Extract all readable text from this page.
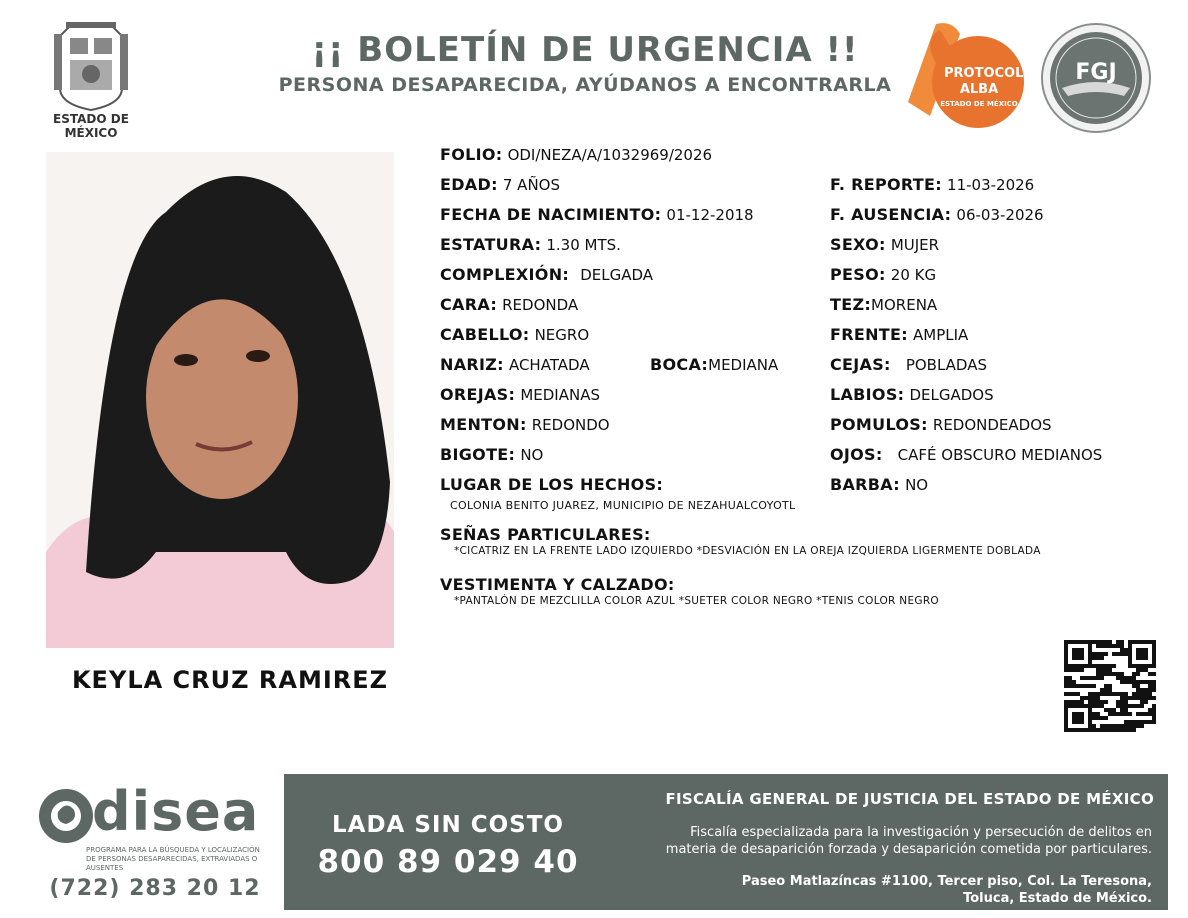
ESTADO DE MÉXICO
¡¡ BOLETÍN DE URGENCIA !!
PERSONA DESAPARECIDA, AYÚDANOS A ENCONTRARLA
PROTOCOLO
ALBA
ESTADO DE MÉXICO
FGJ
KEYLA CRUZ RAMIREZ
FOLIO: ODI/NEZA/A/1032969/2026
EDAD: 7 AÑOS
FECHA DE NACIMIENTO: 01-12-2018
ESTATURA: 1.30 MTS.
COMPLEXIÓN: DELGADA
CARA: REDONDA
CABELLO: NEGRO
NARIZ: ACHATADA	BOCA:MEDIANA
OREJAS: MEDIANAS
MENTON: REDONDO
BIGOTE: NO
LUGAR DE LOS HECHOS:
COLONIA BENITO JUAREZ, MUNICIPIO DE NEZAHUALCOYOTL
SEÑAS PARTICULARES:
*CICATRIZ EN LA FRENTE LADO IZQUIERDO *DESVIACIÓN EN LA OREJA IZQUIERDA LIGERMENTE DOBLADA
VESTIMENTA Y CALZADO:
*PANTALÓN DE MEZCLILLA COLOR AZUL *SUETER COLOR NEGRO *TENIS COLOR NEGRO
F. REPORTE: 11-03-2026
F. AUSENCIA: 06-03-2026
SEXO: MUJER
PESO: 20 KG
TEZ:MORENA
FRENTE: AMPLIA
CEJAS: POBLADAS
LABIOS: DELGADOS
POMULOS: REDONDEADOS
OJOS: CAFÉ OBSCURO MEDIANOS
BARBA: NO
disea
PROGRAMA PARA LA BÚSQUEDA Y LOCALIZACIÓN
DE PERSONAS DESAPARECIDAS, EXTRAVIADAS O
AUSENTES
(722) 283 20 12
LADA SIN COSTO
800 89 029 40
FISCALÍA GENERAL DE JUSTICIA DEL ESTADO DE MÉXICO
Fiscalía especializada para la investigación y persecución de delitos en
materia de desaparición forzada y desaparición cometida por particulares.
Paseo Matlazíncas #1100, Tercer piso, Col. La Teresona,
Toluca, Estado de México.
